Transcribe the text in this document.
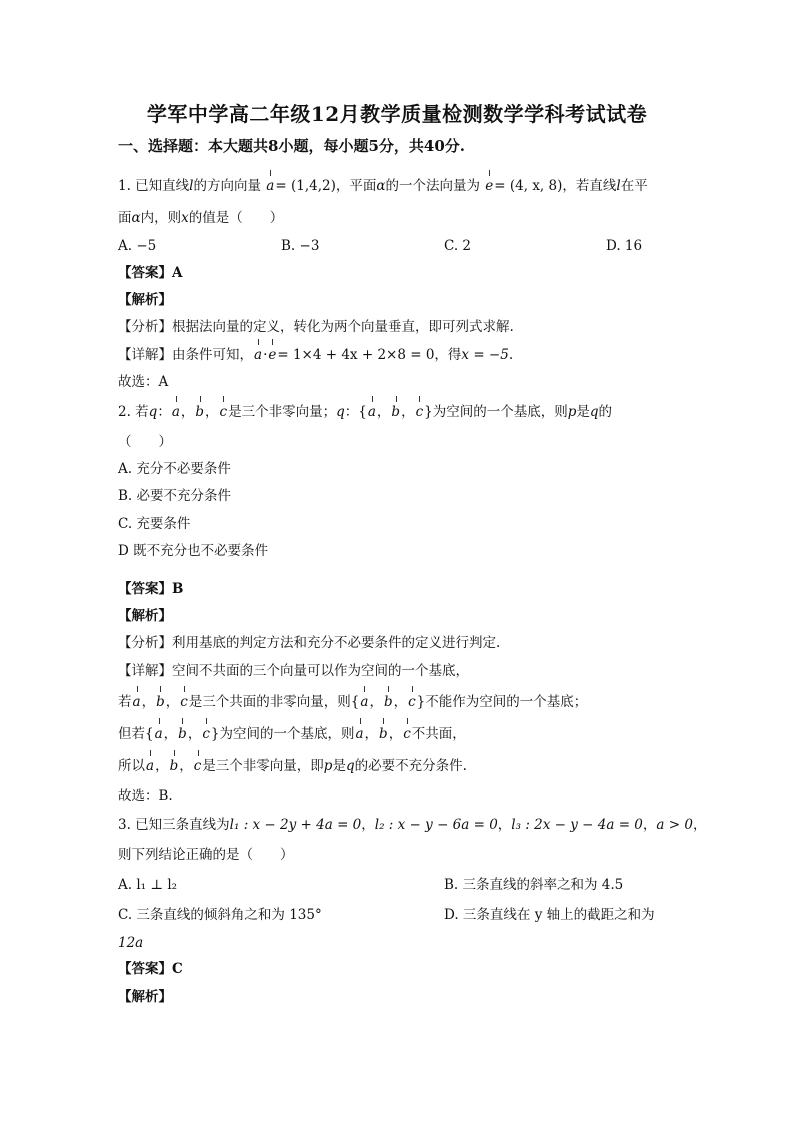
学军中学高二年级12月教学质量检测数学学科考试试卷
一、选择题：本大题共8小题，每小题5分，共40分.
1. 已知直线l的方向向量 a= (1,4,2)，平面α的一个法向量为 e= (4, x, 8)，若直线l在平
面α内，则x的值是（　　）
A. −5	B. −3	C. 2	D. 16
【答案】A
【解析】
【分析】根据法向量的定义，转化为两个向量垂直，即可列式求解.
【详解】由条件可知，a·e= 1×4 + 4x + 2×8 = 0，得x = −5.
故选：A
2. 若q：a，b，c是三个非零向量；q：{a，b，c}为空间的一个基底，则p是q的
（　　）
A. 充分不必要条件
B. 必要不充分条件
C. 充要条件
D 既不充分也不必要条件
【答案】B
【解析】
【分析】利用基底的判定方法和充分不必要条件的定义进行判定.
【详解】空间不共面的三个向量可以作为空间的一个基底，
若a，b，c是三个共面的非零向量，则{a，b，c}不能作为空间的一个基底；
但若{a，b，c}为空间的一个基底，则a，b，c不共面，
所以a，b，c是三个非零向量，即p是q的必要不充分条件.
故选：B.
3. 已知三条直线为l₁ : x − 2y + 4a = 0，l₂ : x − y − 6a = 0，l₃ : 2x − y − 4a = 0，a > 0，
则下列结论正确的是（　　）
A. l₁ ⊥ l₂	B. 三条直线的斜率之和为 4.5
C. 三条直线的倾斜角之和为 135°	D. 三条直线在 y 轴上的截距之和为
12a
【答案】C
【解析】
